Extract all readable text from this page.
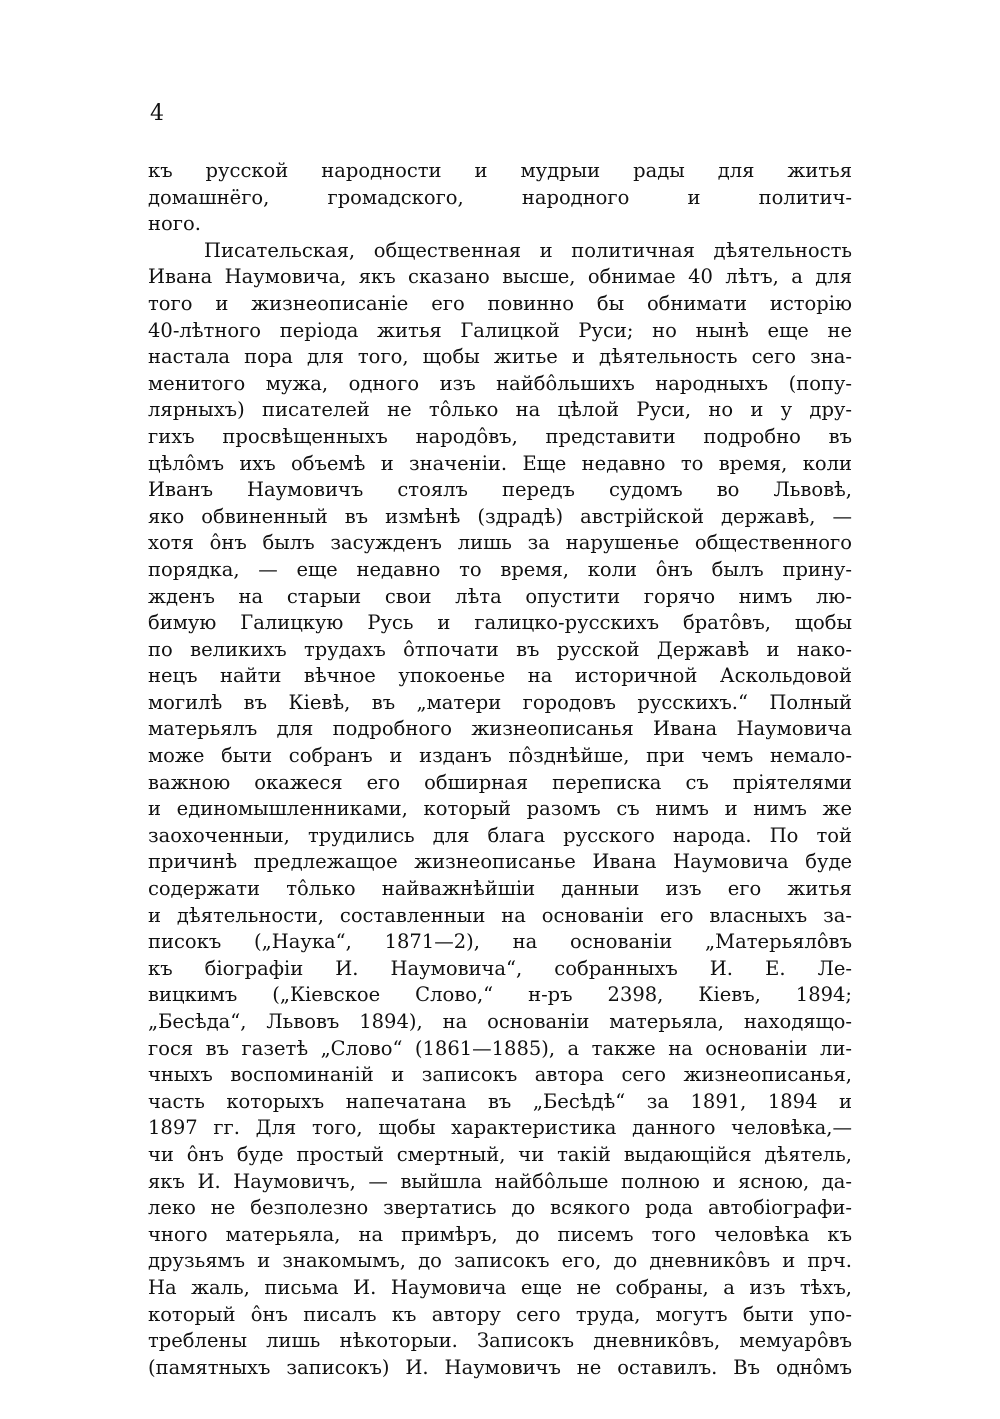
4
къ русской народности и мудрыи рады для житья
домашнёго, громадского, народного и политич-
ного.
Писательская, общественная и политичная дѣятельность
Ивана Наумовича, якъ сказано высше, обнимае 40 лѣтъ, а для
того и жизнеописаніе его повинно бы обнимати исторію
40-лѣтного періода житья Галицкой Руси; но нынѣ еще не
настала пора для того, щобы житье и дѣятельность сего зна-
менитого мужа, одного изъ найбôльшихъ народныхъ (попу-
лярныхъ) писателей не тôлько на цѣлой Руси, но и у дру-
гихъ просвѣщенныхъ народôвъ, представити подробно въ
цѣлôмъ ихъ объемѣ и значеніи. Еще недавно то время, коли
Иванъ Наумовичъ стоялъ передъ судомъ во Львовѣ,
яко обвиненный въ измѣнѣ (здрадѣ) австрійской державѣ, —
хотя ôнъ былъ засужденъ лишь за нарушенье общественного
порядка, — еще недавно то время, коли ôнъ былъ прину-
жденъ на старыи свои лѣта опустити горячо нимъ лю-
бимую Галицкую Русь и галицко-русскихъ братôвъ, щобы
по великихъ трудахъ ôтпочати въ русской Державѣ и нако-
нецъ найти вѣчное упокоенье на историчной Аскольдовой
могилѣ въ Кіевѣ, въ „матери городовъ русскихъ.“ Полный
матерьялъ для подробного жизнеописанья Ивана Наумовича
може быти собранъ и изданъ пôзднѣйше, при чемъ немало-
важною окажеся его обширная переписка съ пріятелями
и единомышленниками, который разомъ съ нимъ и нимъ же
заохоченныи, трудились для блага русского народа. По той
причинѣ предлежащое жизнеописанье Ивана Наумовича буде
содержати тôлько найважнѣйшіи данныи изъ его житья
и дѣятельности, составленныи на основаніи его власныхъ за-
писокъ („Наука“, 1871—2), на основаніи „Матерьялôвъ
къ біографіи И. Наумовича“, собранныхъ И. Е. Ле-
вицкимъ („Кіевское Слово,“ н-ръ 2398, Кіевъ, 1894;
„Бесѣда“, Львовъ 1894), на основаніи матерьяла, находящо-
гося въ газетѣ „Слово“ (1861—1885), а также на основаніи ли-
чныхъ воспоминаній и записокъ автора сего жизнеописанья,
часть которыхъ напечатана въ „Бесѣдѣ“ за 1891, 1894 и
1897 гг. Для того, щобы характеристика данного человѣка,—
чи ôнъ буде простый смертный, чи такій выдающійся дѣятель,
якъ И. Наумовичъ, — выйшла найбôльше полною и ясною, да-
леко не безполезно звертатись до всякого рода автобіографи-
чного матерьяла, на примѣръ, до писемъ того человѣка къ
друзьямъ и знакомымъ, до записокъ его, до дневникôвъ и прч.
На жаль, письма И. Наумовича еще не собраны, а изъ тѣхъ,
который ôнъ писалъ къ автору сего труда, могутъ быти упо-
треблены лишь нѣкоторыи. Записокъ дневникôвъ, мемуарôвъ
(памятныхъ записокъ) И. Наумовичъ не оставилъ. Въ однôмъ
